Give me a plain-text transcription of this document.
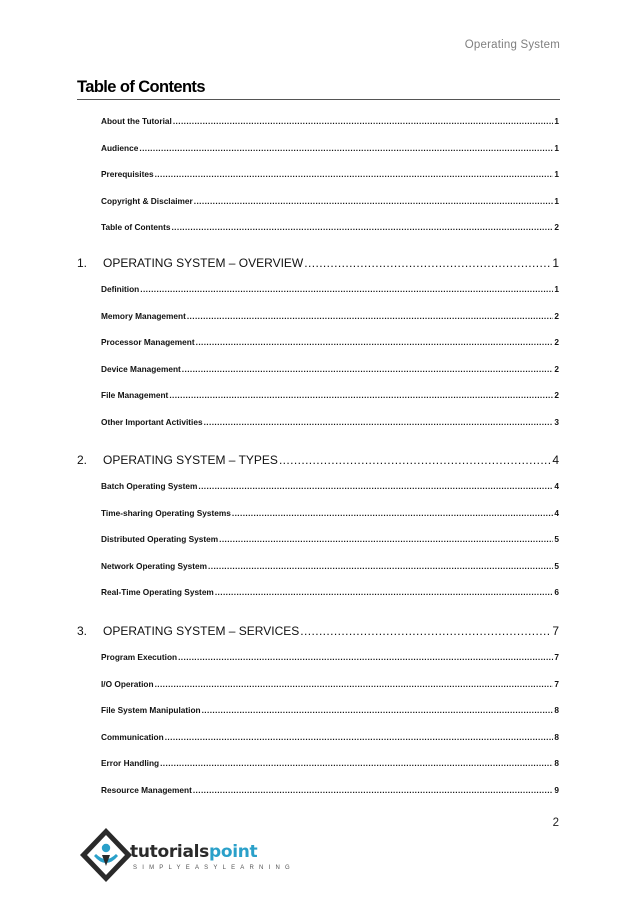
Operating System
Table of Contents
About the Tutorial .....	1
Audience .....	1
Prerequisites .....	1
Copyright & Disclaimer .....	1
Table of Contents .....	2
1.	OPERATING SYSTEM – OVERVIEW .....	1
Definition .....	1
Memory Management .....	2
Processor Management .....	2
Device Management .....	2
File Management .....	2
Other Important Activities .....	3
2.	OPERATING SYSTEM – TYPES .....	4
Batch Operating System .....	4
Time-sharing Operating Systems .....	4
Distributed Operating System .....	5
Network Operating System .....	5
Real-Time Operating System .....	6
3.	OPERATING SYSTEM – SERVICES .....	7
Program Execution .....	7
I/O Operation .....	7
File System Manipulation .....	8
Communication .....	8
Error Handling .....	8
Resource Management .....	9
2
tutorialspoint
SIMPLYEASYLEARNING
